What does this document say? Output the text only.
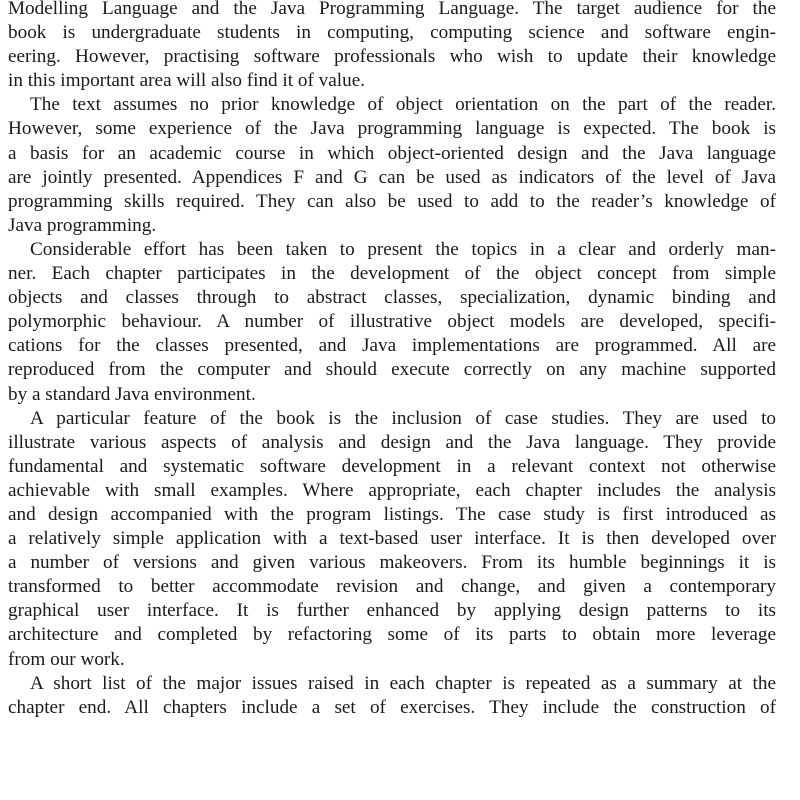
Modelling Language and the Java Programming Language. The target audience for the
book is undergraduate students in computing, computing science and software engin-
eering. However, practising software professionals who wish to update their knowledge
in this important area will also find it of value.
The text assumes no prior knowledge of object orientation on the part of the reader.
However, some experience of the Java programming language is expected. The book is
a basis for an academic course in which object-oriented design and the Java language
are jointly presented. Appendices F and G can be used as indicators of the level of Java
programming skills required. They can also be used to add to the reader’s knowledge of
Java programming.
Considerable effort has been taken to present the topics in a clear and orderly man-
ner. Each chapter participates in the development of the object concept from simple
objects and classes through to abstract classes, specialization, dynamic binding and
polymorphic behaviour. A number of illustrative object models are developed, specifi-
cations for the classes presented, and Java implementations are programmed. All are
reproduced from the computer and should execute correctly on any machine supported
by a standard Java environment.
A particular feature of the book is the inclusion of case studies. They are used to
illustrate various aspects of analysis and design and the Java language. They provide
fundamental and systematic software development in a relevant context not otherwise
achievable with small examples. Where appropriate, each chapter includes the analysis
and design accompanied with the program listings. The case study is first introduced as
a relatively simple application with a text-based user interface. It is then developed over
a number of versions and given various makeovers. From its humble beginnings it is
transformed to better accommodate revision and change, and given a contemporary
graphical user interface. It is further enhanced by applying design patterns to its
architecture and completed by refactoring some of its parts to obtain more leverage
from our work.
A short list of the major issues raised in each chapter is repeated as a summary at the
chapter end. All chapters include a set of exercises. They include the construction of
